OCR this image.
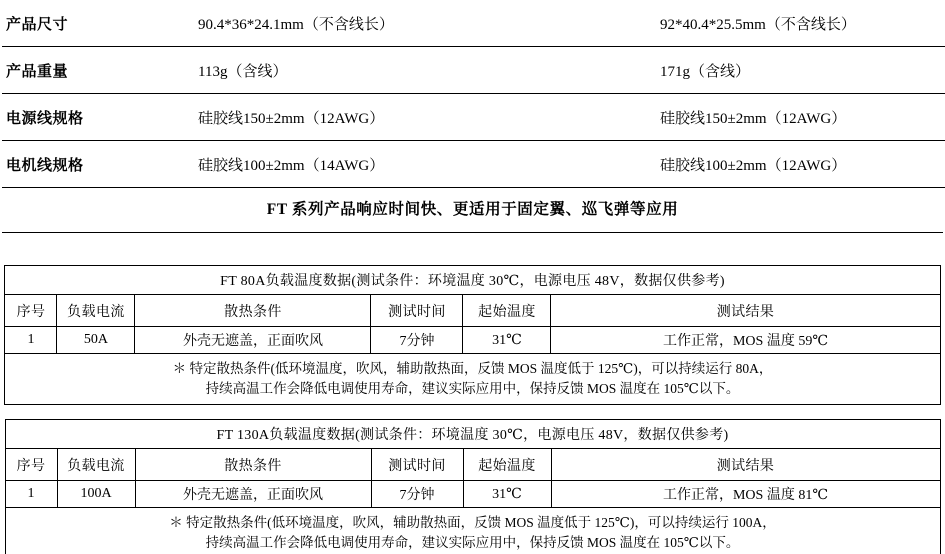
产品尺寸	90.4*36*24.1mm（不含线长）	92*40.4*25.5mm（不含线长）
产品重量	113g（含线）	171g（含线）
电源线规格	硅胶线150±2mm（12AWG）	硅胶线150±2mm（12AWG）
电机线规格	硅胶线100±2mm（14AWG）	硅胶线100±2mm（12AWG）
FT 系列产品响应时间快、更适用于固定翼、巡飞弹等应用
FT 80A负载温度数据(测试条件：环境温度 30℃，电源电压 48V，数据仅供参考)					
序号	负载电流	散热条件	测试时间	起始温度	测试结果
1	50A	外壳无遮盖，正面吹风	7分钟	31℃	工作正常，MOS 温度 59℃

＊ 特定散热条件(低环境温度，吹风，辅助散热面，反馈 MOS 温度低于 125℃)，可以持续运行 80A，
持续高温工作会降低电调使用寿命，建议实际应用中，保持反馈 MOS 温度在 105℃以下。					
FT 130A负载温度数据(测试条件：环境温度 30℃，电源电压 48V，数据仅供参考)					
序号	负载电流	散热条件	测试时间	起始温度	测试结果
1	100A	外壳无遮盖，正面吹风	7分钟	31℃	工作正常，MOS 温度 81℃

＊ 特定散热条件(低环境温度，吹风，辅助散热面，反馈 MOS 温度低于 125℃)，可以持续运行 100A，
持续高温工作会降低电调使用寿命，建议实际应用中，保持反馈 MOS 温度在 105℃以下。					
